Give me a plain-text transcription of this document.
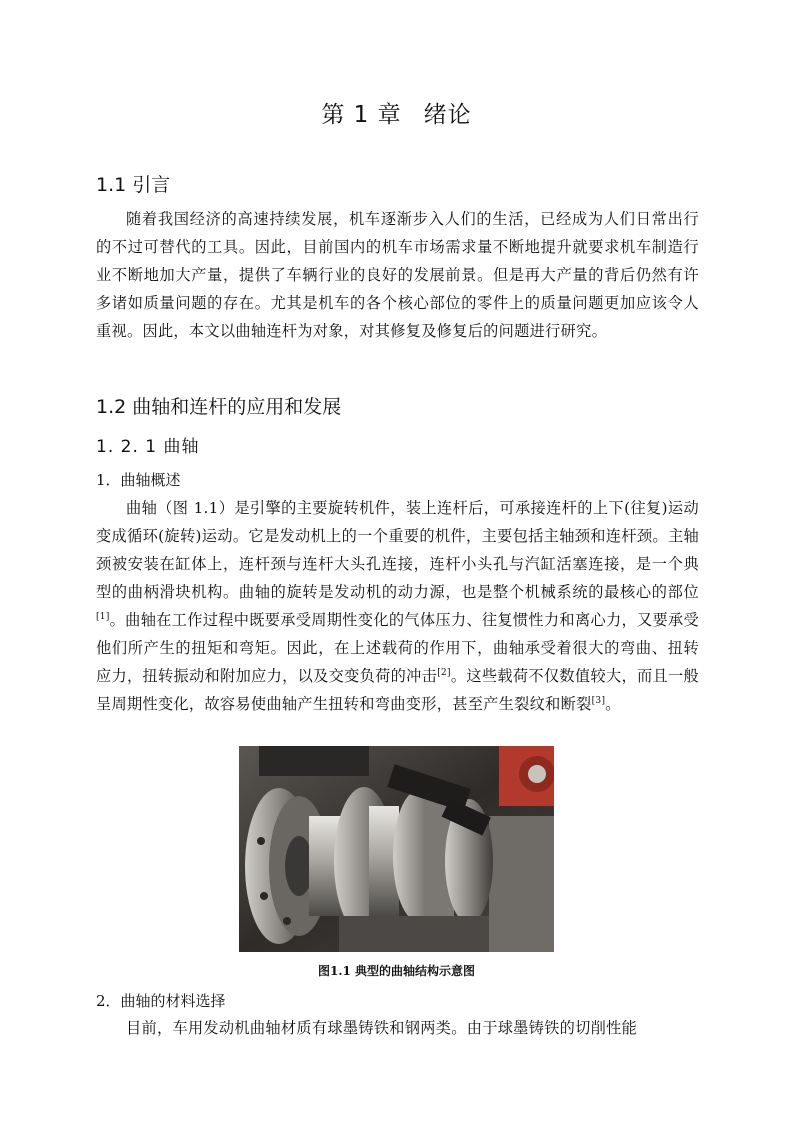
第 1 章 绪论
1.1 引言

随着我国经济的高速持续发展，机车逐渐步入人们的生活，已经成为人们日常出行的不过可替代的工具。因此，目前国内的机车市场需求量不断地提升就要求机车制造行业不断地加大产量，提供了车辆行业的良好的发展前景。但是再大产量的背后仍然有许多诸如质量问题的存在。尤其是机车的各个核心部位的零件上的质量问题更加应该令人重视。因此，本文以曲轴连杆为对象，对其修复及修复后的问题进行研究。

1.2 曲轴和连杆的应用和发展
1. 2. 1 曲轴
1．曲轴概述

曲轴（图 1.1）是引擎的主要旋转机件，装上连杆后，可承接连杆的上下(往复)运动变成循环(旋转)运动。它是发动机上的一个重要的机件，主要包括主轴颈和连杆颈。主轴颈被安装在缸体上，连杆颈与连杆大头孔连接，连杆小头孔与汽缸活塞连接，是一个典型的曲柄滑块机构。曲轴的旋转是发动机的动力源，也是整个机械系统的最核心的部位[1]。曲轴在工作过程中既要承受周期性变化的气体压力、往复惯性力和离心力，又要承受他们所产生的扭矩和弯矩。因此，在上述载荷的作用下，曲轴承受着很大的弯曲、扭转应力，扭转振动和附加应力，以及交变负荷的冲击[2]。这些载荷不仅数值较大，而且一般呈周期性变化，故容易使曲轴产生扭转和弯曲变形，甚至产生裂纹和断裂[3]。

图1.1 典型的曲轴结构示意图
2．曲轴的材料选择

目前，车用发动机曲轴材质有球墨铸铁和钢两类。由于球墨铸铁的切削性能
